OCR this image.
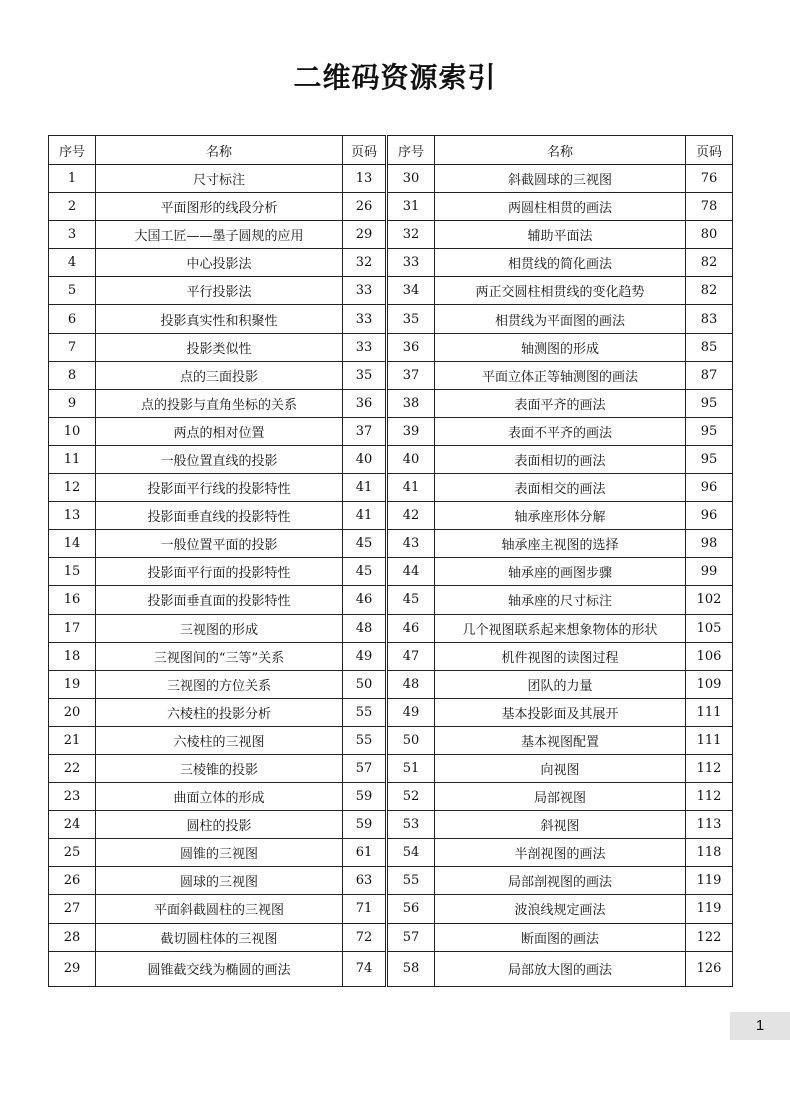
二维码资源索引
序号	名称	页码	序号	名称	页码
1	尺寸标注	13	30	斜截圆球的三视图	76
2	平面图形的线段分析	26	31	两圆柱相贯的画法	78
3	大国工匠——墨子圆规的应用	29	32	辅助平面法	80
4	中心投影法	32	33	相贯线的简化画法	82
5	平行投影法	33	34	两正交圆柱相贯线的变化趋势	82
6	投影真实性和积聚性	33	35	相贯线为平面图的画法	83
7	投影类似性	33	36	轴测图的形成	85
8	点的三面投影	35	37	平面立体正等轴测图的画法	87
9	点的投影与直角坐标的关系	36	38	表面平齐的画法	95
10	两点的相对位置	37	39	表面不平齐的画法	95
11	一般位置直线的投影	40	40	表面相切的画法	95
12	投影面平行线的投影特性	41	41	表面相交的画法	96
13	投影面垂直线的投影特性	41	42	轴承座形体分解	96
14	一般位置平面的投影	45	43	轴承座主视图的选择	98
15	投影面平行面的投影特性	45	44	轴承座的画图步骤	99
16	投影面垂直面的投影特性	46	45	轴承座的尺寸标注	102
17	三视图的形成	48	46	几个视图联系起来想象物体的形状	105
18	三视图间的“三等”关系	49	47	机件视图的读图过程	106
19	三视图的方位关系	50	48	团队的力量	109
20	六棱柱的投影分析	55	49	基本投影面及其展开	111
21	六棱柱的三视图	55	50	基本视图配置	111
22	三棱锥的投影	57	51	向视图	112
23	曲面立体的形成	59	52	局部视图	112
24	圆柱的投影	59	53	斜视图	113
25	圆锥的三视图	61	54	半剖视图的画法	118
26	圆球的三视图	63	55	局部剖视图的画法	119
27	平面斜截圆柱的三视图	71	56	波浪线规定画法	119
28	截切圆柱体的三视图	72	57	断面图的画法	122
29	圆锥截交线为椭圆的画法	74	58	局部放大图的画法	126
1
